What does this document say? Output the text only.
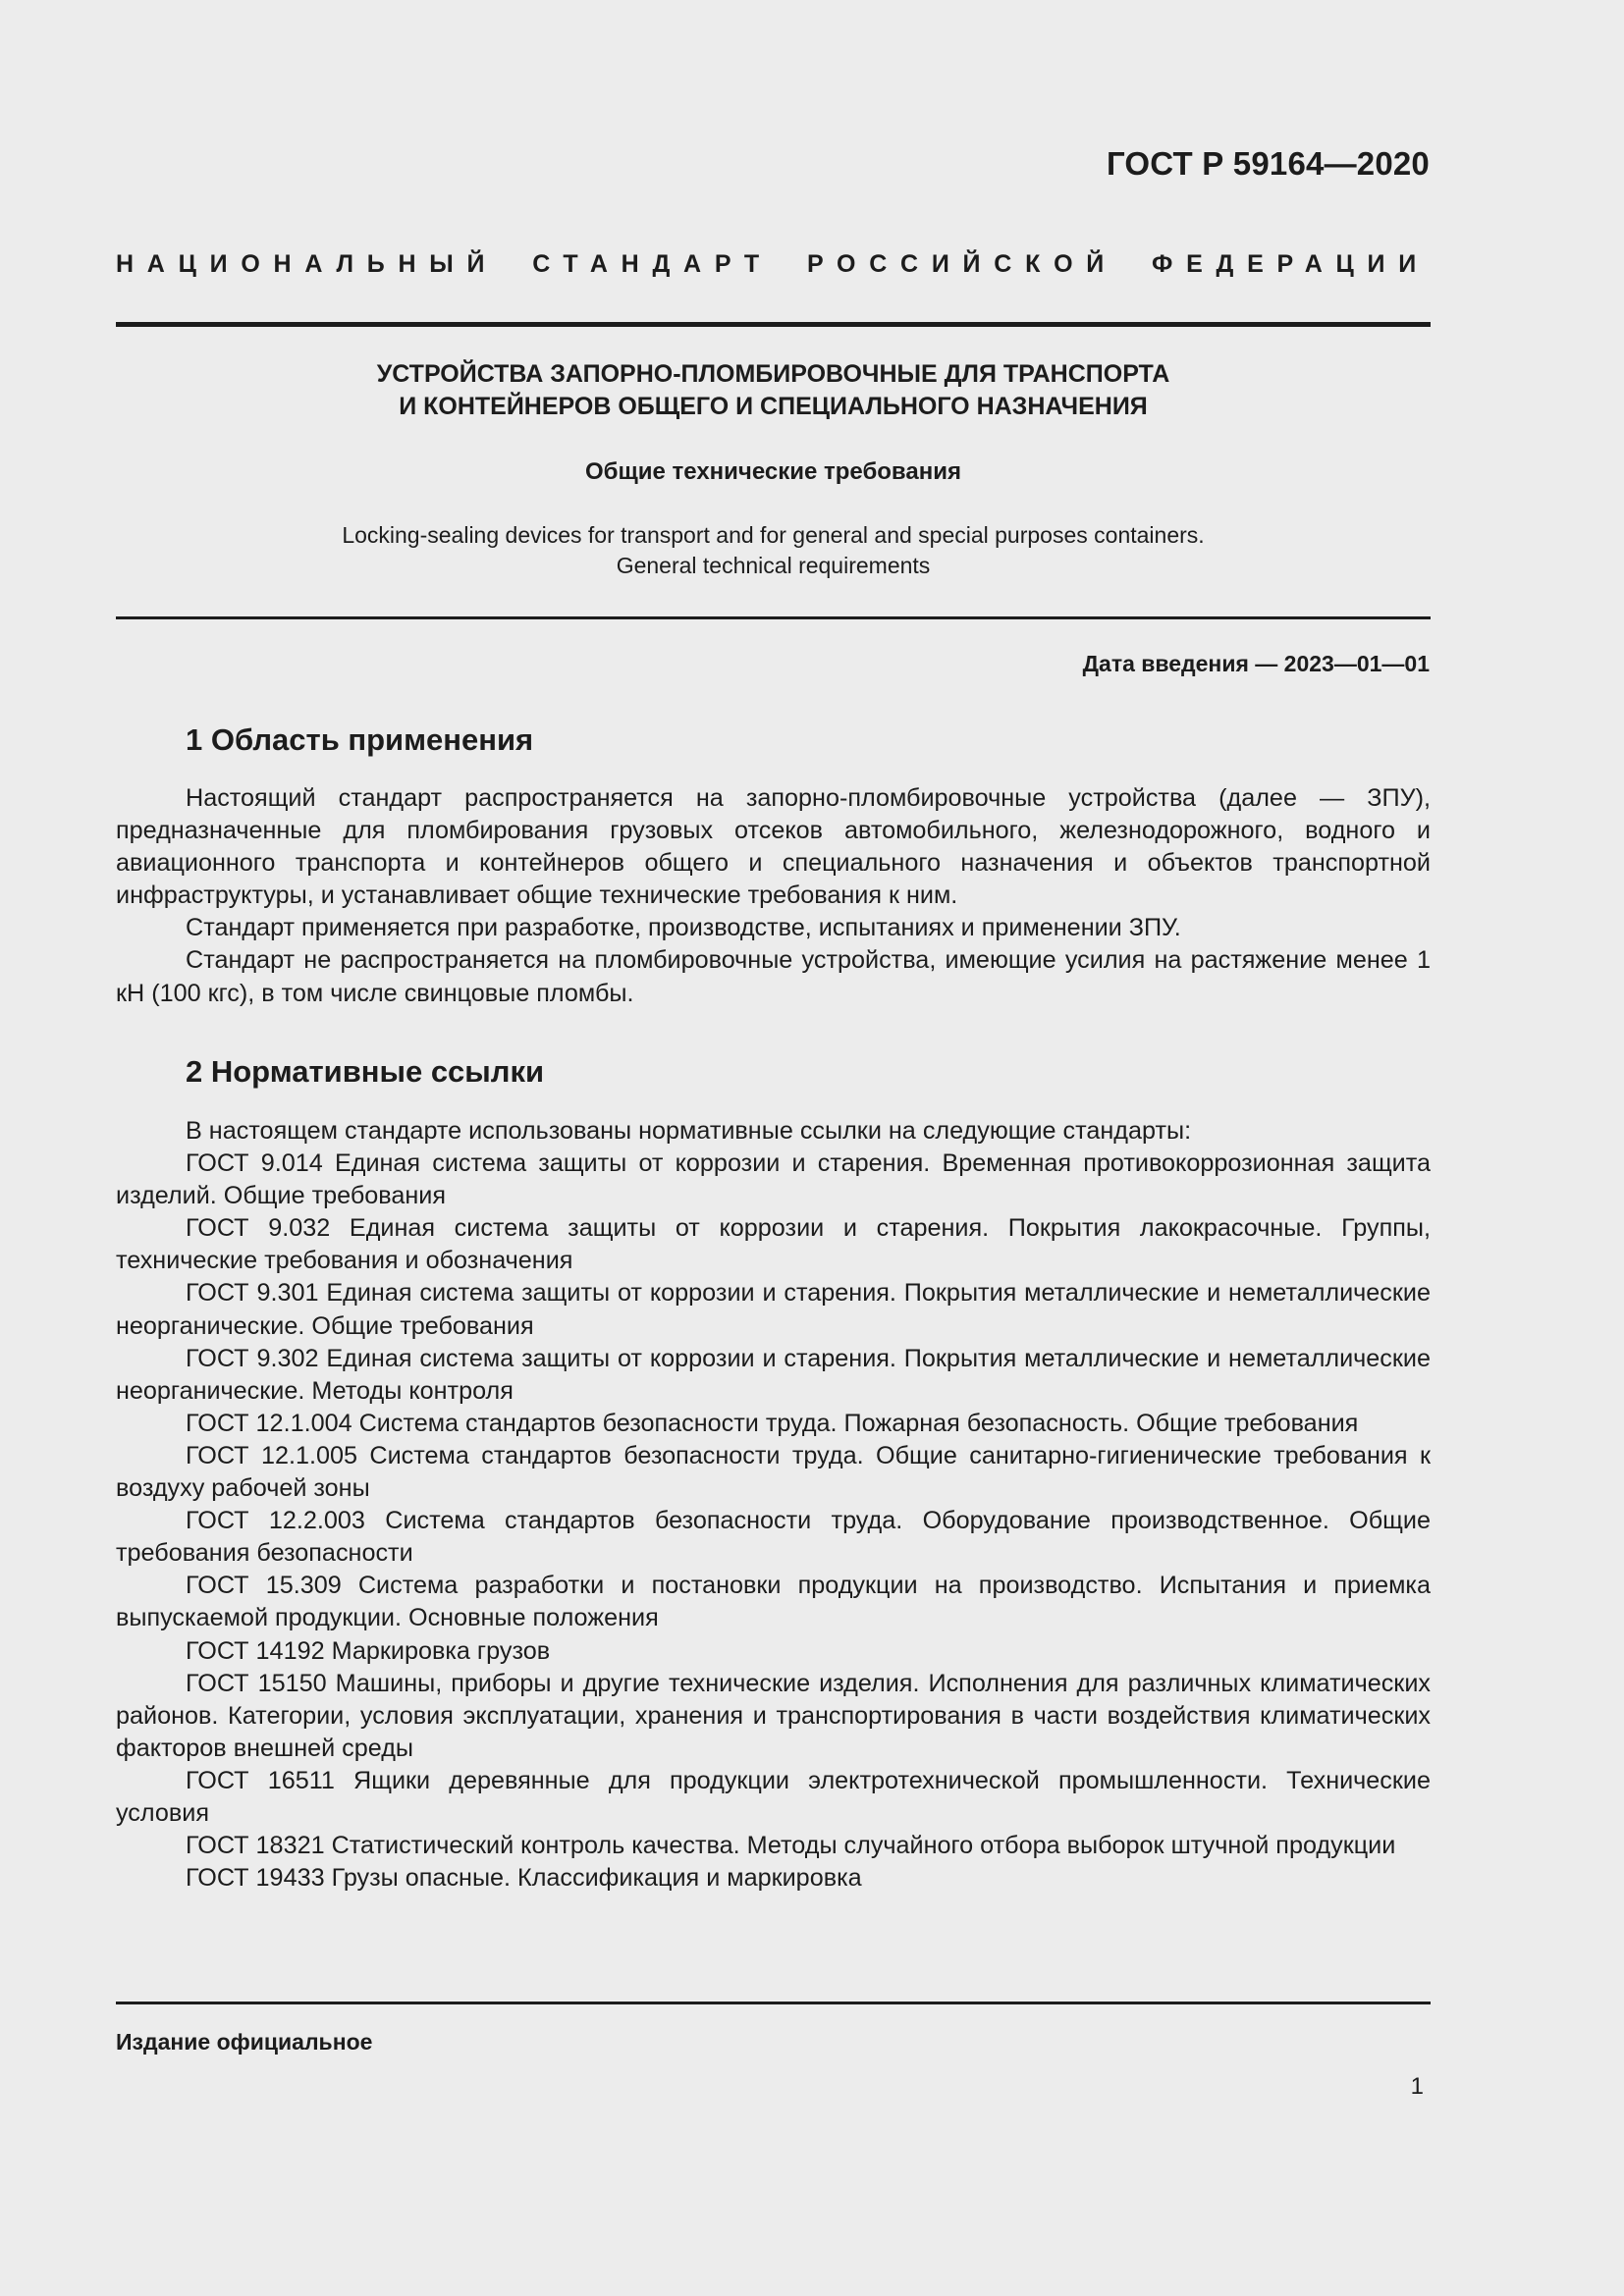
ГОСТ Р 59164—2020
НАЦИОНАЛЬНЫЙ СТАНДАРТ РОССИЙСКОЙ ФЕДЕРАЦИИ
УСТРОЙСТВА ЗАПОРНО-ПЛОМБИРОВОЧНЫЕ ДЛЯ ТРАНСПОРТА
И КОНТЕЙНЕРОВ ОБЩЕГО И СПЕЦИАЛЬНОГО НАЗНАЧЕНИЯ
Общие технические требования
Locking-sealing devices for transport and for general and special purposes containers.
General technical requirements
Дата введения — 2023—01—01
1 Область применения

Настоящий стандарт распространяется на запорно-пломбировочные устройства (далее — ЗПУ), предназначенные для пломбирования грузовых отсеков автомобильного, железнодорожного, водного и авиационного транспорта и контейнеров общего и специального назначения и объектов транспортной инфраструктуры, и устанавливает общие технические требования к ним.

Стандарт применяется при разработке, производстве, испытаниях и применении ЗПУ.

Стандарт не распространяется на пломбировочные устройства, имеющие усилия на растяжение менее 1 кН (100 кгс), в том числе свинцовые пломбы.

2 Нормативные ссылки

В настоящем стандарте использованы нормативные ссылки на следующие стандарты:

ГОСТ 9.014 Единая система защиты от коррозии и старения. Временная противокоррозионная защита изделий. Общие требования

ГОСТ 9.032 Единая система защиты от коррозии и старения. Покрытия лакокрасочные. Группы, технические требования и обозначения

ГОСТ 9.301 Единая система защиты от коррозии и старения. Покрытия металлические и неметаллические неорганические. Общие требования

ГОСТ 9.302 Единая система защиты от коррозии и старения. Покрытия металлические и неметаллические неорганические. Методы контроля

ГОСТ 12.1.004 Система стандартов безопасности труда. Пожарная безопасность. Общие требования

ГОСТ 12.1.005 Система стандартов безопасности труда. Общие санитарно-гигиенические требования к воздуху рабочей зоны

ГОСТ 12.2.003 Система стандартов безопасности труда. Оборудование производственное. Общие требования безопасности

ГОСТ 15.309 Система разработки и постановки продукции на производство. Испытания и приемка выпускаемой продукции. Основные положения

ГОСТ 14192 Маркировка грузов

ГОСТ 15150 Машины, приборы и другие технические изделия. Исполнения для различных климатических районов. Категории, условия эксплуатации, хранения и транспортирования в части воздействия климатических факторов внешней среды

ГОСТ 16511 Ящики деревянные для продукции электротехнической промышленности. Технические условия

ГОСТ 18321 Статистический контроль качества. Методы случайного отбора выборок штучной продукции

ГОСТ 19433 Грузы опасные. Классификация и маркировка

Издание официальное
1
